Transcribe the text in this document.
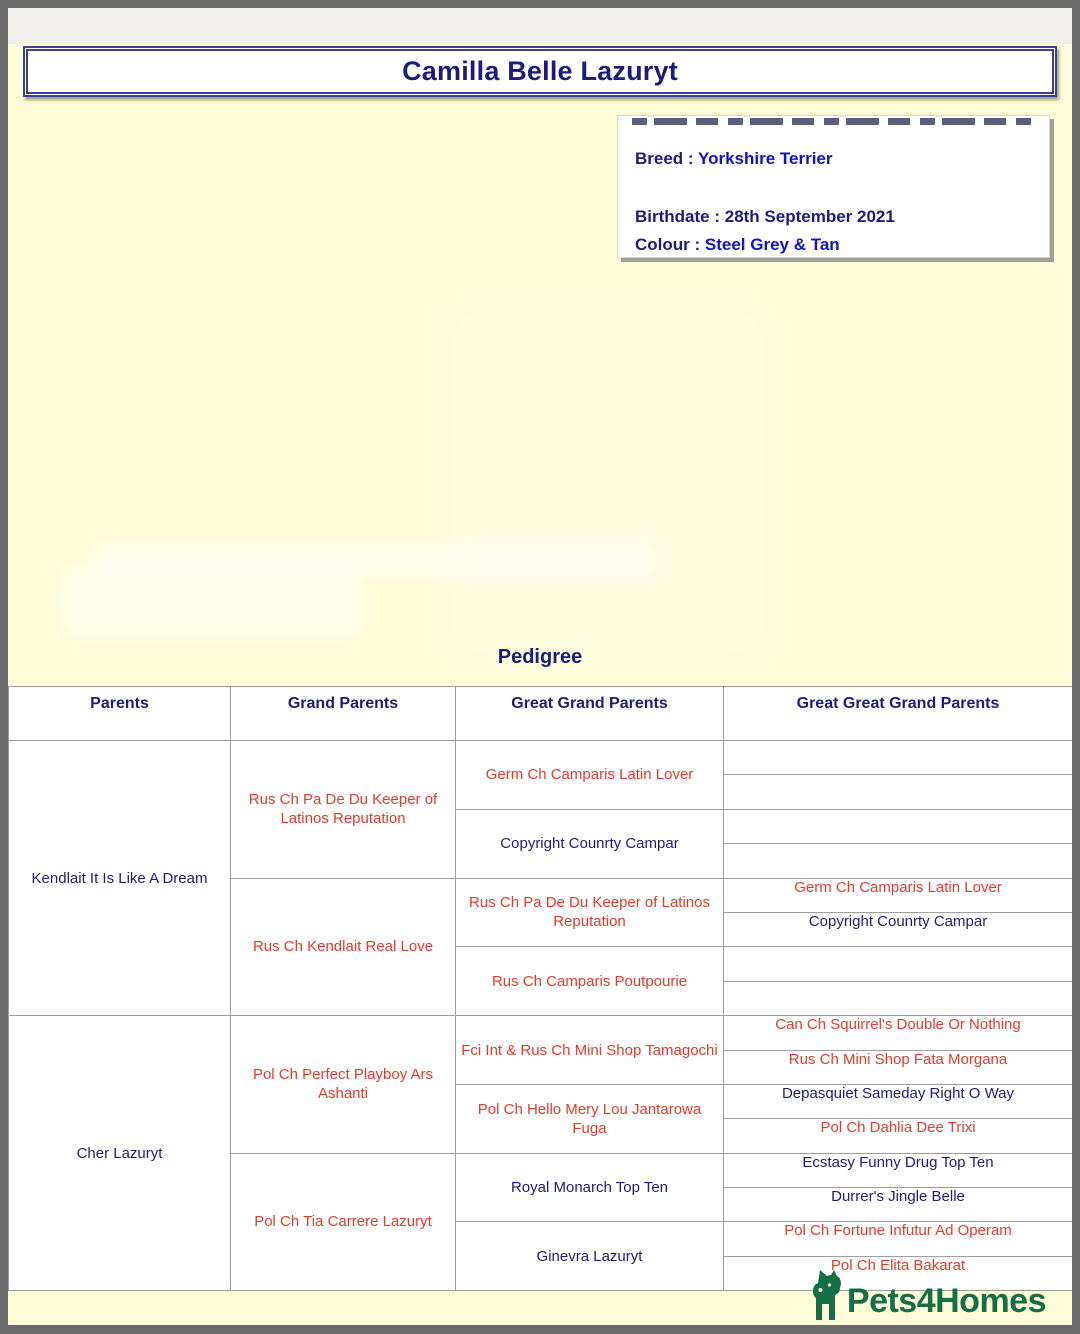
Camilla Belle Lazuryt
Breed : Yorkshire Terrier
Birthdate : 28th September 2021
Colour : Steel Grey & Tan
Pedigree
Parents	Grand Parents	Great Grand Parents	Great Great Grand Parents
Kendlait It Is Like A Dream	Rus Ch Pa De Du Keeper of Latinos Reputation	Germ Ch Camparis Latin Lover	

		Copyright Counrty Campar	

	Rus Ch Kendlait Real Love	Rus Ch Pa De Du Keeper of Latinos Reputation	Germ Ch Camparis Latin Lover
			Copyright Counrty Campar
		Rus Ch Camparis Poutpourie	

Cher Lazuryt	Pol Ch Perfect Playboy Ars Ashanti	Fci Int & Rus Ch Mini Shop Tamagochi	Can Ch Squirrel's Double Or Nothing
			Rus Ch Mini Shop Fata Morgana
		Pol Ch Hello Mery Lou Jantarowa Fuga	Depasquiet Sameday Right O Way
			Pol Ch Dahlia Dee Trixi
	Pol Ch Tia Carrere Lazuryt	Royal Monarch Top Ten	Ecstasy Funny Drug Top Ten
			Durrer's Jingle Belle
		Ginevra Lazuryt	Pol Ch Fortune Infutur Ad Operam
			Pol Ch Elita Bakarat
Pets4Homes
